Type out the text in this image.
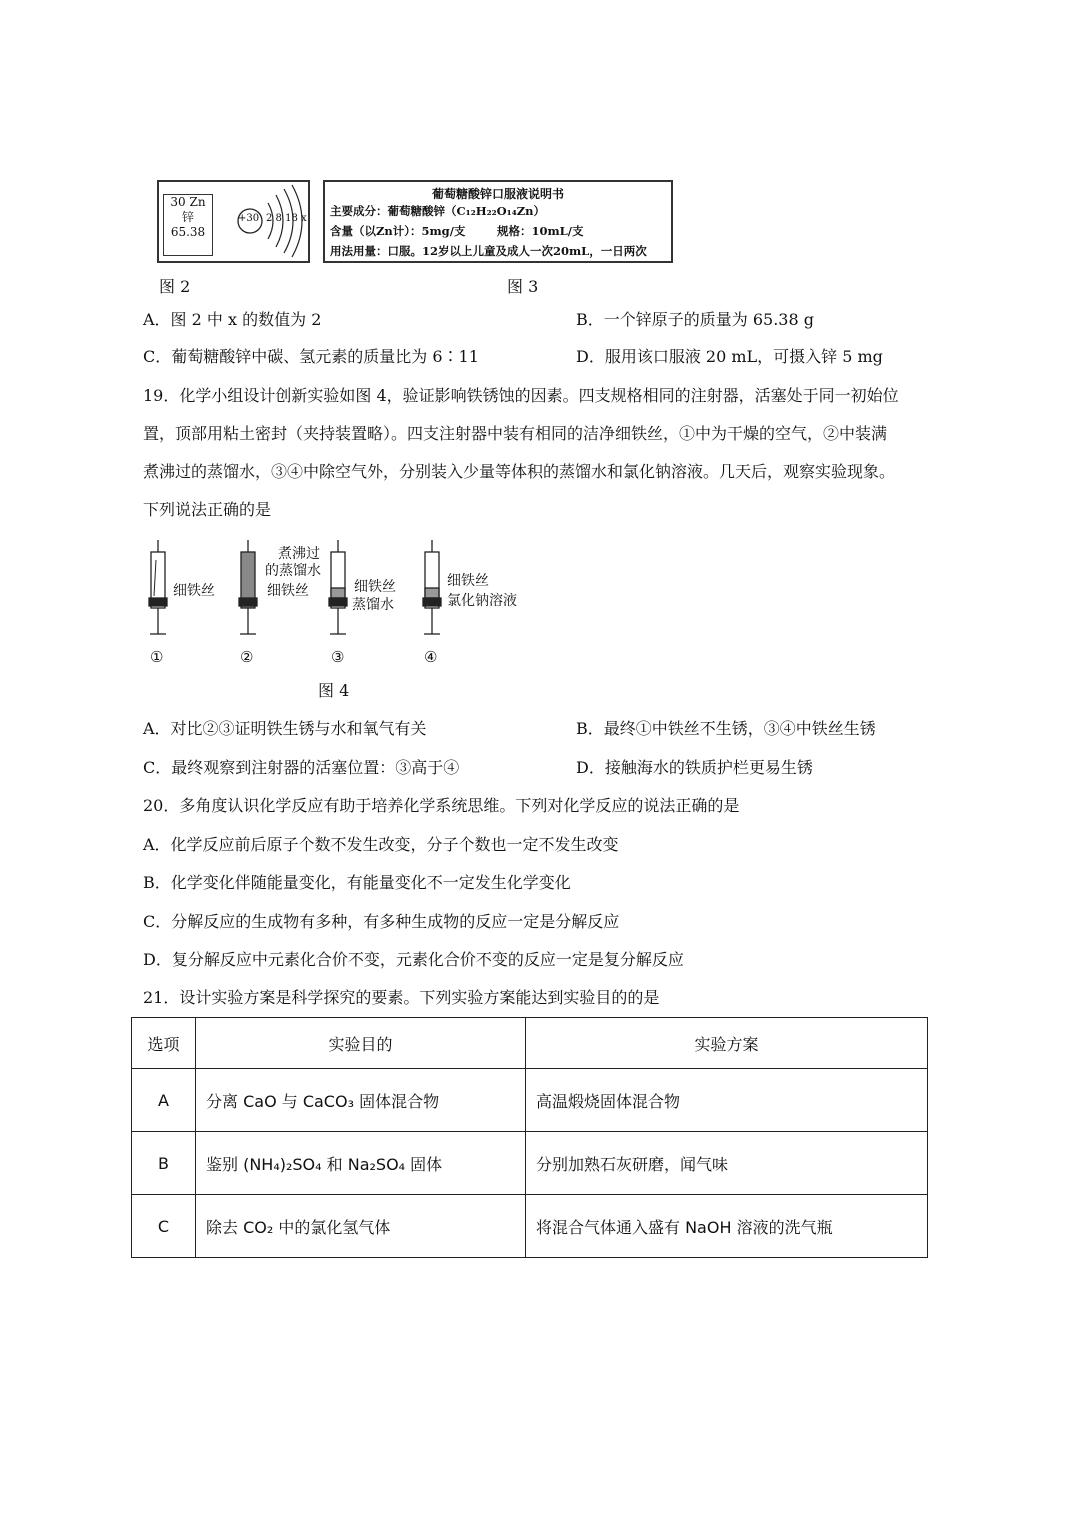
30 Zn
锌
65.38
+30 2 8 18 x
图 2
葡萄糖酸锌口服液说明书
主要成分：葡萄糖酸锌（C₁₂H₂₂O₁₄Zn）
含量（以Zn计）：5mg/支	规格：10mL/支
用法用量：口服。12岁以上儿童及成人一次20mL，一日两次
图 3
A．图 2 中 x 的数值为 2	B．一个锌原子的质量为 65.38 g
C．葡萄糖酸锌中碳、氢元素的质量比为 6∶11	D．服用该口服液 20 mL，可摄入锌 5 mg
19．化学小组设计创新实验如图 4，验证影响铁锈蚀的因素。四支规格相同的注射器，活塞处于同一初始位
置，顶部用粘土密封（夹持装置略）。四支注射器中装有相同的洁净细铁丝，①中为干燥的空气，②中装满
煮沸过的蒸馏水，③④中除空气外，分别装入少量等体积的蒸馏水和氯化钠溶液。几天后，观察实验现象。
下列说法正确的是
细铁丝
煮沸过
的蒸馏水
细铁丝	细铁丝
蒸馏水
细铁丝
氯化钠溶液
①	②	③	④
图 4
A．对比②③证明铁生锈与水和氧气有关	B．最终①中铁丝不生锈，③④中铁丝生锈
C．最终观察到注射器的活塞位置：③高于④	D．接触海水的铁质护栏更易生锈
20．多角度认识化学反应有助于培养化学系统思维。下列对化学反应的说法正确的是
A．化学反应前后原子个数不发生改变，分子个数也一定不发生改变
B．化学变化伴随能量变化，有能量变化不一定发生化学变化
C．分解反应的生成物有多种，有多种生成物的反应一定是分解反应
D．复分解反应中元素化合价不变，元素化合价不变的反应一定是复分解反应
21．设计实验方案是科学探究的要素。下列实验方案能达到实验目的的是
选项	实验目的	实验方案
A	分离 CaO 与 CaCO₃ 固体混合物	高温煅烧固体混合物
B	鉴别 (NH₄)₂SO₄ 和 Na₂SO₄ 固体	分别加熟石灰研磨，闻气味
C	除去 CO₂ 中的氯化氢气体	将混合气体通入盛有 NaOH 溶液的洗气瓶
